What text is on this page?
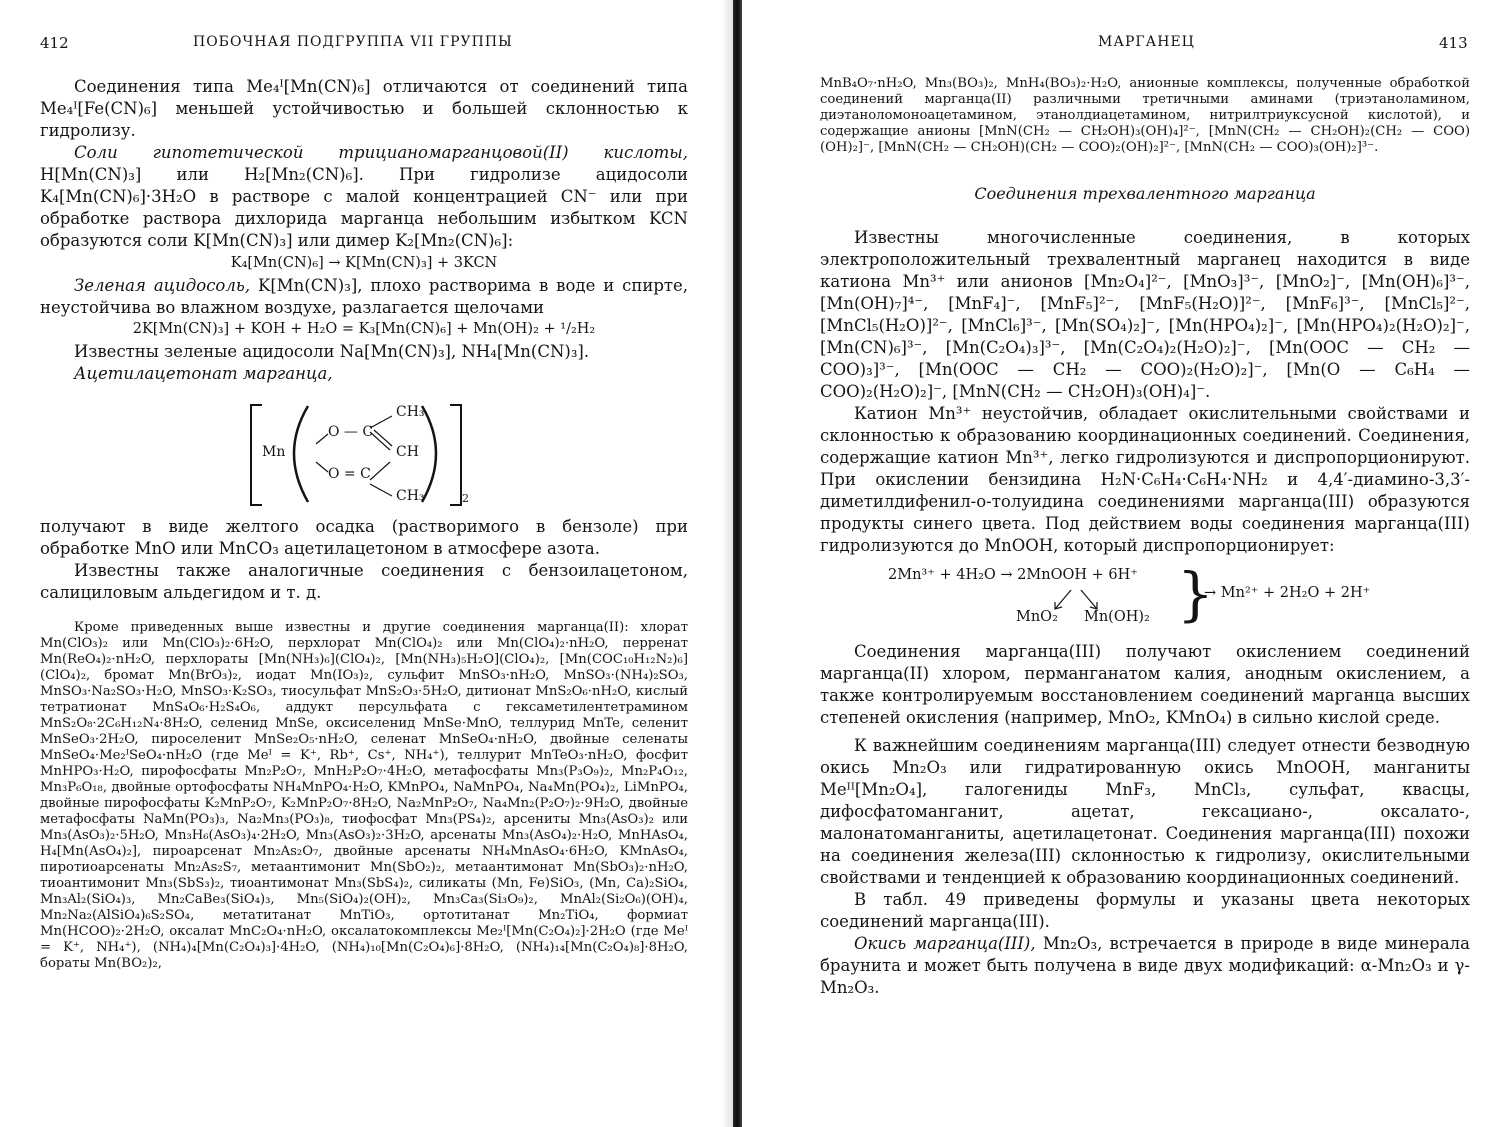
412	ПОБОЧНАЯ ПОДГРУППА VII ГРУППЫ

Соединения типа Me₄ᴵ[Mn(CN)₆] отличаются от соединений типа Me₄ᴵ[Fe(CN)₆] меньшей устойчивостью и большей склонностью к гидролизу.

Соли гипотетической трицианомарганцовой(II) кислоты, H[Mn(CN)₃] или H₂[Mn₂(CN)₆]. При гидролизе ацидосоли K₄[Mn(CN)₆]·3H₂O в растворе с малой концентрацией CN⁻ или при обработке раствора дихлорида марганца небольшим избытком KCN образуются соли K[Mn(CN)₃] или димер K₂[Mn₂(CN)₆]:

K₄[Mn(CN)₆] → K[Mn(CN)₃] + 3KCN

Зеленая ацидосоль, K[Mn(CN)₃], плохо растворима в воде и спирте, неустойчива во влажном воздухе, разлагается щелочами

2K[Mn(CN)₃] + KOH + H₂O = K₃[Mn(CN)₆] + Mn(OH)₂ + ¹/₂H₂

Известны зеленые ацидосоли Na[Mn(CN)₃], NH₄[Mn(CN)₃].

Ацетилацетонат марганца,

Mn
CH₃
O — C
CH
O = C
CH₃	2

получают в виде желтого осадка (растворимого в бензоле) при обработке MnO или MnCO₃ ацетилацетоном в атмосфере азота.

Известны также аналогичные соединения с бензоилацетоном, салициловым альдегидом и т. д.

Кроме приведенных выше известны и другие соединения марганца(II): хлорат Mn(ClO₃)₂ или Mn(ClO₃)₂·6H₂O, перхлорат Mn(ClO₄)₂ или Mn(ClO₄)₂·nH₂O, перренат Mn(ReO₄)₂·nH₂O, перхлораты [Mn(NH₃)₆](ClO₄)₂, [Mn(NH₃)₅H₂O](ClO₄)₂, [Mn(COC₁₀H₁₂N₂)₆](ClO₄)₂, бромат Mn(BrO₃)₂, иодат Mn(IO₃)₂, сульфит MnSO₃·nH₂O, MnSO₃·(NH₄)₂SO₃, MnSO₃·Na₂SO₃·H₂O, MnSO₃·K₂SO₃, тиосульфат MnS₂O₃·5H₂O, дитионат MnS₂O₆·nH₂O, кислый тетратионат MnS₄O₆·H₂S₄O₆, аддукт персульфата с гексаметилентетрамином MnS₂O₈·2C₆H₁₂N₄·8H₂O, селенид MnSe, оксиселенид MnSe·MnO, теллурид MnTe, селенит MnSeO₃·2H₂O, пироселенит MnSe₂O₅·nH₂O, селенат MnSeO₄·nH₂O, двойные селенаты MnSeO₄·Me₂ᴵSeO₄·nH₂O (где Meᴵ = K⁺, Rb⁺, Cs⁺, NH₄⁺), теллурит MnTeO₃·nH₂O, фосфит MnHPO₃·H₂O, пирофосфаты Mn₂P₂O₇, MnH₂P₂O₇·4H₂O, метафосфаты Mn₃(P₃O₉)₂, Mn₂P₄O₁₂, Mn₃P₆O₁₈, двойные ортофосфаты NH₄MnPO₄·H₂O, KMnPO₄, NaMnPO₄, Na₄Mn(PO₄)₂, LiMnPO₄, двойные пирофосфаты K₂MnP₂O₇, K₂MnP₂O₇·8H₂O, Na₂MnP₂O₇, Na₄Mn₂(P₂O₇)₂·9H₂O, двойные метафосфаты NaMn(PO₃)₃, Na₂Mn₃(PO₃)₈, тиофосфат Mn₃(PS₄)₂, арсениты Mn₃(AsO₃)₂ или Mn₃(AsO₃)₂·5H₂O, Mn₃H₆(AsO₃)₄·2H₂O, Mn₃(AsO₃)₂·3H₂O, арсенаты Mn₃(AsO₄)₂·H₂O, MnHAsO₄, H₄[Mn(AsO₄)₂], пироарсенат Mn₂As₂O₇, двойные арсенаты NH₄MnAsO₄·6H₂O, KMnAsO₄, пиротиоарсенаты Mn₂As₂S₇, метаантимонит Mn(SbO₂)₂, метаантимонат Mn(SbO₃)₂·nH₂O, тиоантимонит Mn₃(SbS₃)₂, тиоантимонат Mn₃(SbS₄)₂, силикаты (Mn, Fe)SiO₃, (Mn, Ca)₂SiO₄, Mn₃Al₂(SiO₄)₃, Mn₂CaBe₃(SiO₄)₃, Mn₅(SiO₄)₂(OH)₂, Mn₃Ca₃(Si₃O₉)₂, MnAl₂(Si₂O₆)(OH)₄, Mn₂Na₂(AlSiO₄)₆S₂SO₄, метатитанат MnTiO₃, ортотитанат Mn₂TiO₄, формиат Mn(HCOO)₂·2H₂O, оксалат MnC₂O₄·nH₂O, оксалатокомплексы Me₂ᴵ[Mn(C₂O₄)₂]·2H₂O (где Meᴵ = K⁺, NH₄⁺), (NH₄)₄[Mn(C₂O₄)₃]·4H₂O, (NH₄)₁₀[Mn(C₂O₄)₆]·8H₂O, (NH₄)₁₄[Mn(C₂O₄)₈]·8H₂O, бораты Mn(BO₂)₂,

МАРГАНЕЦ	413

MnB₄O₇·nH₂O, Mn₃(BO₃)₂, MnH₄(BO₃)₂·H₂O, анионные комплексы, полученные обработкой соединений марганца(II) различными третичными аминами (триэтаноламином, диэтаноломоноацетамином, этанолдиацетамином, нитрилтриуксусной кислотой), и содержащие анионы [MnN(CH₂ — CH₂OH)₃(OH)₄]²⁻, [MnN(CH₂ — CH₂OH)₂(CH₂ — COO)(OH)₂]⁻, [MnN(CH₂ — CH₂OH)(CH₂ — COO)₂(OH)₂]²⁻, [MnN(CH₂ — COO)₃(OH)₂]³⁻.

Соединения трехвалентного марганца

Известны многочисленные соединения, в которых электроположительный трехвалентный марганец находится в виде катиона Mn³⁺ или анионов [Mn₂O₄]²⁻, [MnO₃]³⁻, [MnO₂]⁻, [Mn(OH)₆]³⁻, [Mn(OH)₇]⁴⁻, [MnF₄]⁻, [MnF₅]²⁻, [MnF₅(H₂O)]²⁻, [MnF₆]³⁻, [MnCl₅]²⁻, [MnCl₅(H₂O)]²⁻, [MnCl₆]³⁻, [Mn(SO₄)₂]⁻, [Mn(HPO₄)₂]⁻, [Mn(HPO₄)₂(H₂O)₂]⁻, [Mn(CN)₆]³⁻, [Mn(C₂O₄)₃]³⁻, [Mn(C₂O₄)₂(H₂O)₂]⁻, [Mn(OOC — CH₂ — COO)₃]³⁻, [Mn(OOC — CH₂ — COO)₂(H₂O)₂]⁻, [Mn(O — C₆H₄ — COO)₂(H₂O)₂]⁻, [MnN(CH₂ — CH₂OH)₃(OH)₄]⁻.

Катион Mn³⁺ неустойчив, обладает окислительными свойствами и склонностью к образованию координационных соединений. Соединения, содержащие катион Mn³⁺, легко гидролизуются и диспропорционируют. При окислении бензидина H₂N·C₆H₄·C₆H₄·NH₂ и 4,4′-диамино-3,3′-диметилдифенил-о-толуидина соединениями марганца(III) образуются продукты синего цвета. Под действием воды соединения марганца(III) гидролизуются до MnOOH, который диспропорционирует:

2Mn³⁺ + 4H₂O → 2MnOOH + 6H⁺
MnO₂ Mn(OH)₂ }
→ Mn²⁺ + 2H₂O + 2H⁺

Соединения марганца(III) получают окислением соединений марганца(II) хлором, перманганатом калия, анодным окислением, а также контролируемым восстановлением соединений марганца высших степеней окисления (например, MnO₂, KMnO₄) в сильно кислой среде.

К важнейшим соединениям марганца(III) следует отнести безводную окись Mn₂O₃ или гидратированную окись MnOOH, манганиты Meᴵᴵ[Mn₂O₄], галогениды MnF₃, MnCl₃, сульфат, квасцы, дифосфатоманганит, ацетат, гексациано-, оксалато-, малонатоманганиты, ацетилацетонат. Соединения марганца(III) похожи на соединения железа(III) склонностью к гидролизу, окислительными свойствами и тенденцией к образованию координационных соединений.

В табл. 49 приведены формулы и указаны цвета некоторых соединений марганца(III).

Окись марганца(III), Mn₂O₃, встречается в природе в виде минерала браунита и может быть получена в виде двух модификаций: α-Mn₂O₃ и γ-Mn₂O₃.
